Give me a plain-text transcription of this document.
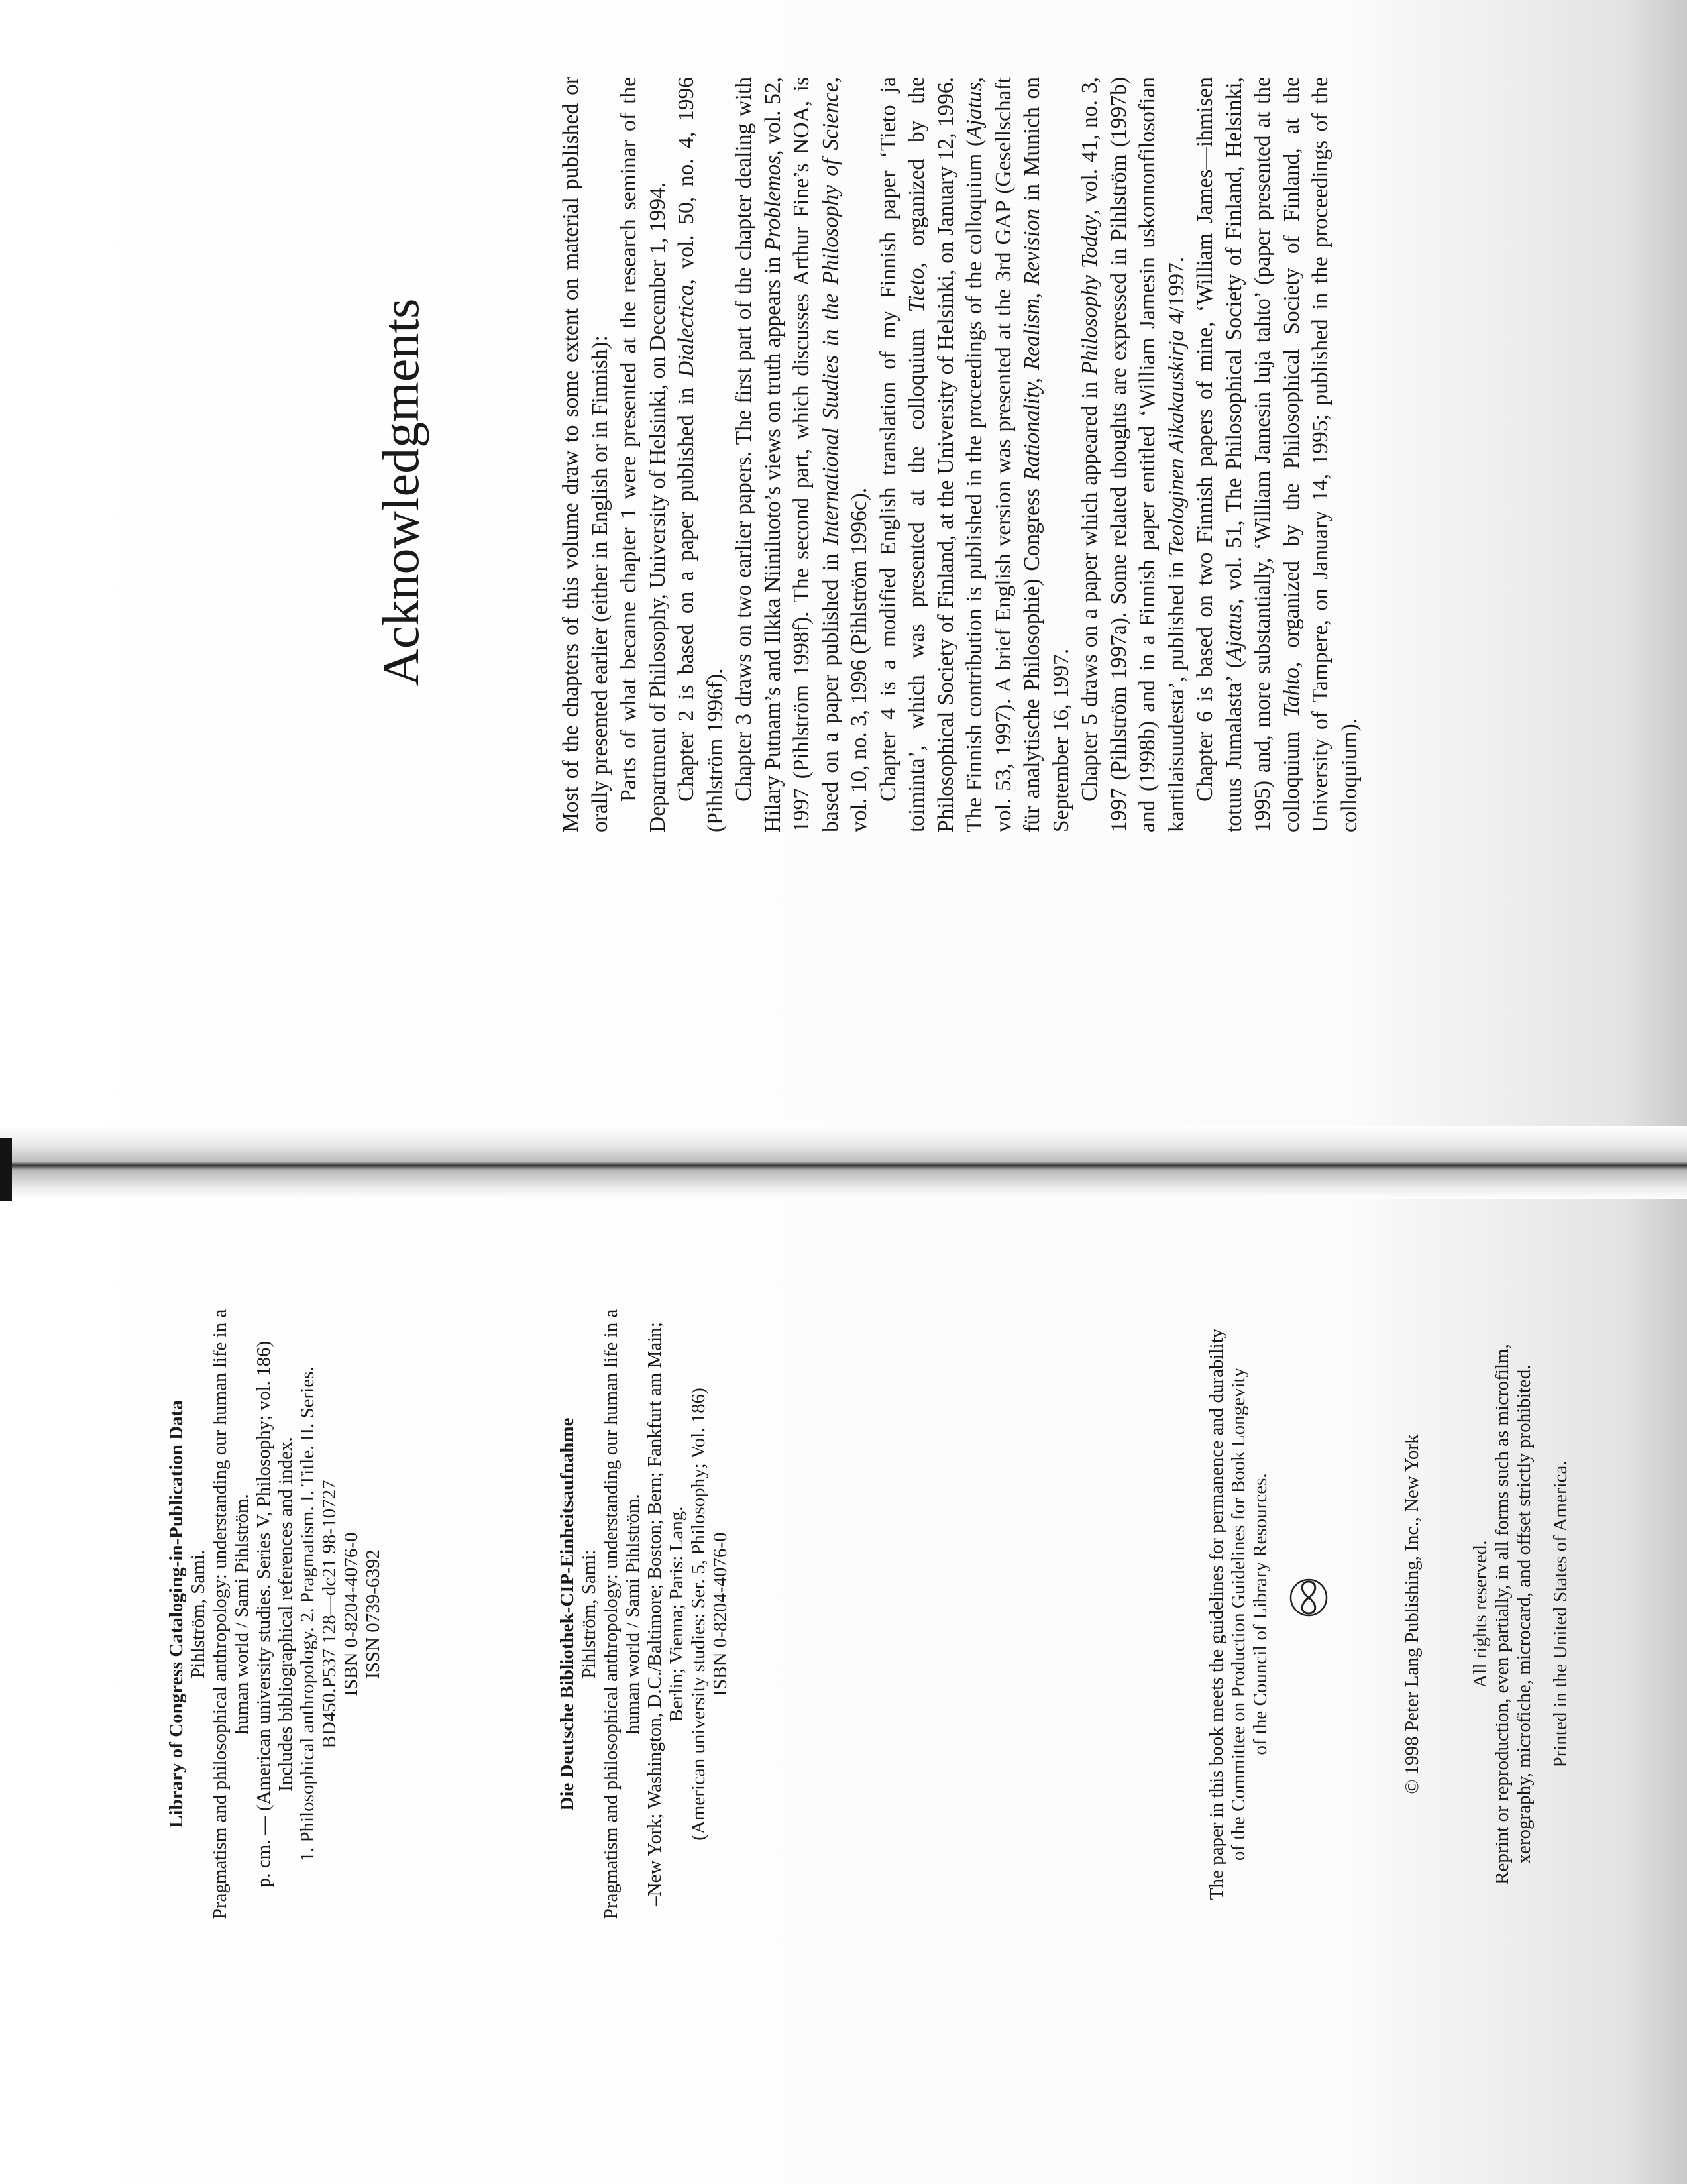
Library of Congress Cataloging-in-Publication Data Pihlström, Sami. Pragmatism and philosophical anthropology: understanding our human life in a human world / Sami Pihlström. p. cm. — (American university studies. Series V, Philosophy; vol. 186) Includes bibliographical references and index. 1. Philosophical anthropology. 2. Pragmatism. I. Title. II. Series. BD450.P537 128—dc21 98-10727 ISBN 0-8204-4076-0 ISSN 0739-6392	Die Deutsche Bibliothek-CIP-Einheitsaufnahme Pihlström, Sami: Pragmatism and philosophical anthropology: understanding our human life in a human world / Sami Pihlström. –New York; Washington, D.C./Baltimore; Boston; Bern; Fankfurt am Main; Berlin; Vienna; Paris: Lang. (American university studies: Ser. 5, Philosophy; Vol. 186) ISBN 0-8204-4076-0	The paper in this book meets the guidelines for permanence and durability of the Committee on Production Guidelines for Book Longevity of the Council of Library Resources.	© 1998 Peter Lang Publishing, Inc., New York All rights reserved. Reprint or reproduction, even partially, in all forms such as microfilm, xerography, microfiche, microcard, and offset strictly prohibited. Printed in the United States of America.

Acknowledgments	Most of the chapters of this volume draw to some extent on material published or orally presented earlier (either in English or in Finnish): Parts of what became chapter 1 were presented at the research seminar of the Department of Philosophy, University of Helsinki, on December 1, 1994. Chapter 2 is based on a paper published in Dialectica, vol. 50, no. 4, 1996 (Pihlström 1996f). Chapter 3 draws on two earlier papers. The first part of the chapter dealing with Hilary Putnam’s and Ilkka Niiniluoto’s views on truth appears in Problemos, vol. 52, 1997 (Pihlström 1998f). The second part, which discusses Arthur Fine’s NOA, is based on a paper published in International Studies in the Philosophy of Science, vol. 10, no. 3, 1996 (Pihlström 1996c). Chapter 4 is a modified English translation of my Finnish paper ‘Tieto ja toiminta’, which was presented at the colloquium Tieto, organized by the Philosophical Society of Finland, at the University of Helsinki, on January 12, 1996. The Finnish contribution is published in the proceedings of the colloquium (Ajatus, vol. 53, 1997). A brief English version was presented at the 3rd GAP (Gesellschaft für analytische Philosophie) Congress Rationality, Realism, Revision in Munich on September 16, 1997. Chapter 5 draws on a paper which appeared in Philosophy Today, vol. 41, no. 3, 1997 (Pihlström 1997a). Some related thoughts are expressed in Pihlström (1997b) and (1998b) and in a Finnish paper entitled ‘William Jamesin uskonnonfilosofian kantilaisuudesta’, published in Teologinen Aikakauskirja 4/1997. Chapter 6 is based on two Finnish papers of mine, ‘William James—ihmisen totuus Jumalasta’ (Ajatus, vol. 51, The Philosophical Society of Finland, Helsinki, 1995) and, more substantially, ‘William Jamesin luja tahto’ (paper presented at the colloquium Tahto, organized by the Philosophical Society of Finland, at the University of Tampere, on January 14, 1995; published in the proceedings of the colloquium).
